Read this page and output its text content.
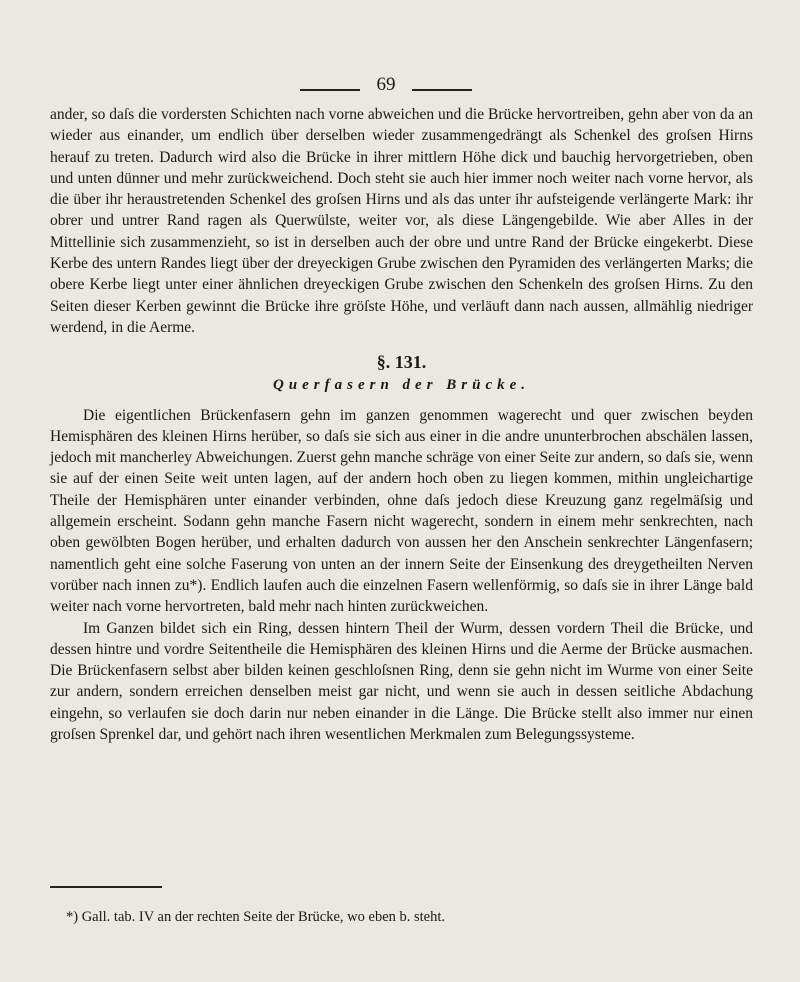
69

ander, so daſs die vordersten Schichten nach vorne abweichen und die Brücke hervortreiben, gehn aber von da an wieder aus einander, um endlich über derselben wieder zusammengedrängt als Schenkel des groſsen Hirns herauf zu treten. Dadurch wird also die Brücke in ihrer mittlern Höhe dick und bauchig hervorgetrieben, oben und unten dünner und mehr zurückweichend. Doch steht sie auch hier immer noch weiter nach vorne hervor, als die über ihr heraustretenden Schenkel des groſsen Hirns und als das unter ihr aufsteigende verlängerte Mark: ihr obrer und untrer Rand ragen als Querwülste, weiter vor, als diese Längengebilde. Wie aber Alles in der Mittellinie sich zusammenzieht, so ist in derselben auch der obre und untre Rand der Brücke eingekerbt. Diese Kerbe des untern Randes liegt über der dreyeckigen Grube zwischen den Pyramiden des verlängerten Marks; die obere Kerbe liegt unter einer ähnlichen dreyeckigen Grube zwischen den Schenkeln des groſsen Hirns. Zu den Seiten dieser Kerben gewinnt die Brücke ihre gröſste Höhe, und verläuft dann nach aussen, allmählig niedriger werdend, in die Aerme.

§. 131.
Querfasern der Brücke.

Die eigentlichen Brückenfasern gehn im ganzen genommen wagerecht und quer zwischen beyden Hemisphären des kleinen Hirns herüber, so daſs sie sich aus einer in die andre ununterbrochen abschälen lassen, jedoch mit mancherley Abweichungen. Zuerst gehn manche schräge von einer Seite zur andern, so daſs sie, wenn sie auf der einen Seite weit unten lagen, auf der andern hoch oben zu liegen kommen, mithin ungleichartige Theile der Hemisphären unter einander verbinden, ohne daſs jedoch diese Kreuzung ganz regelmäſsig und allgemein erscheint. Sodann gehn manche Fasern nicht wagerecht, sondern in einem mehr senkrechten, nach oben gewölbten Bogen herüber, und erhalten dadurch von aussen her den Anschein senkrechter Längenfasern; namentlich geht eine solche Faserung von unten an der innern Seite der Einsenkung des dreygetheilten Nerven vorüber nach innen zu*). Endlich laufen auch die einzelnen Fasern wellenförmig, so daſs sie in ihrer Länge bald weiter nach vorne hervortreten, bald mehr nach hinten zurückweichen.

Im Ganzen bildet sich ein Ring, dessen hintern Theil der Wurm, dessen vordern Theil die Brücke, und dessen hintre und vordre Seitentheile die Hemisphären des kleinen Hirns und die Aerme der Brücke ausmachen. Die Brückenfasern selbst aber bilden keinen geschloſsnen Ring, denn sie gehn nicht im Wurme von einer Seite zur andern, sondern erreichen denselben meist gar nicht, und wenn sie auch in dessen seitliche Abdachung eingehn, so verlaufen sie doch darin nur neben einander in die Länge. Die Brücke stellt also immer nur einen groſsen Sprenkel dar, und gehört nach ihren wesentlichen Merkmalen zum Belegungssysteme.

*) Gall. tab. IV an der rechten Seite der Brücke, wo eben b. steht.
